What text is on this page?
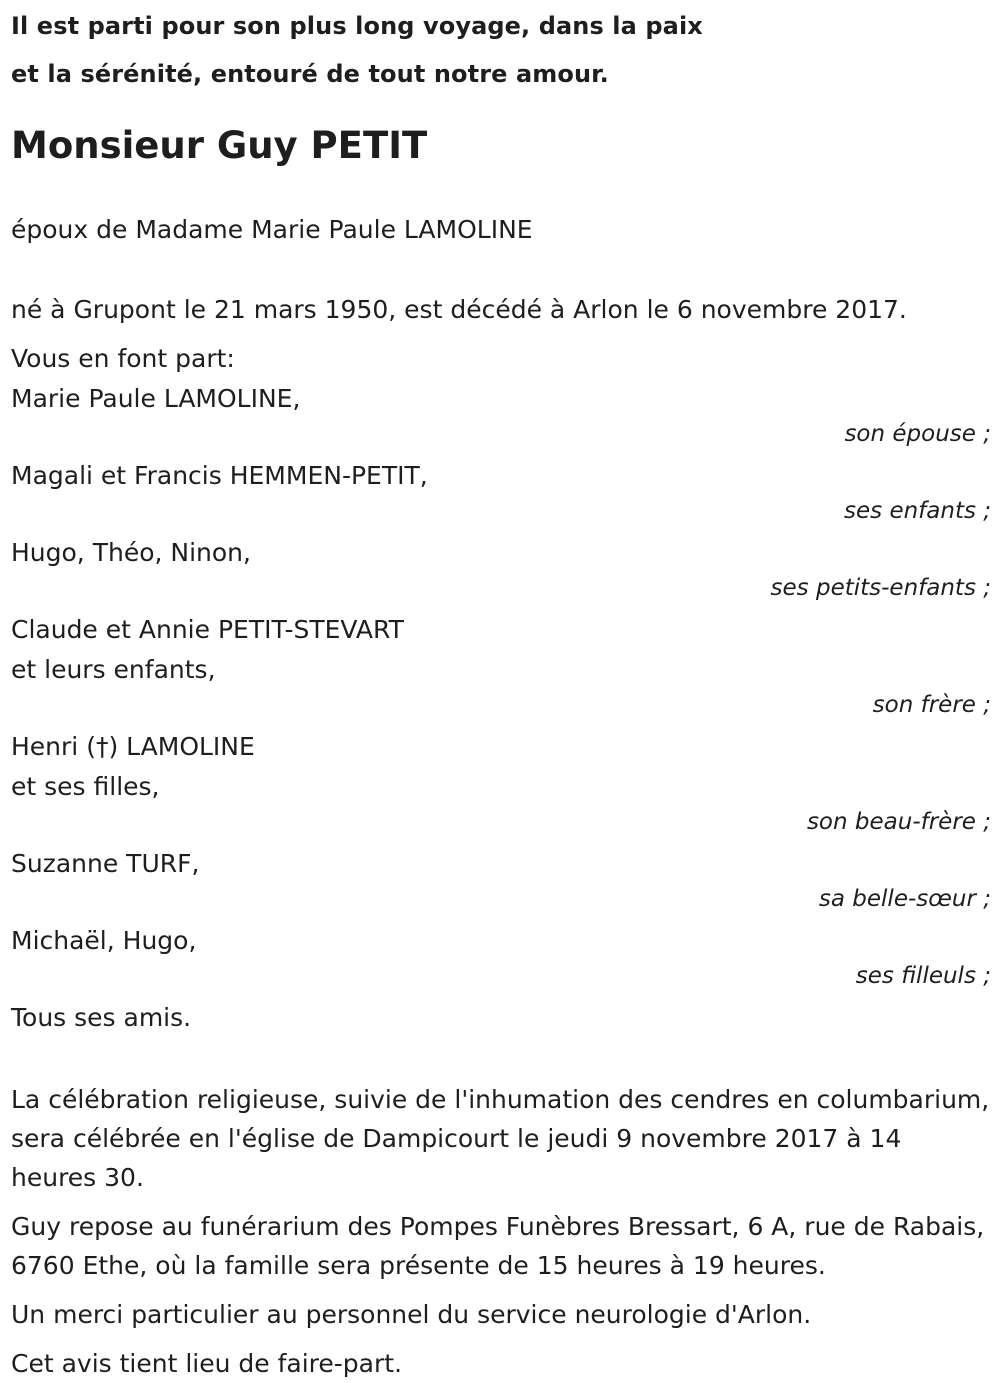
Il est parti pour son plus long voyage, dans la paix
et la sérénité, entouré de tout notre amour.
Monsieur Guy PETIT
époux de Madame Marie Paule LAMOLINE
né à Grupont le 21 mars 1950, est décédé à Arlon le 6 novembre 2017.
Vous en font part:
Marie Paule LAMOLINE,
son épouse ;
Magali et Francis HEMMEN-PETIT,
ses enfants ;
Hugo, Théo, Ninon,
ses petits-enfants ;
Claude et Annie PETIT-STEVART
et leurs enfants,
son frère ;
Henri (†) LAMOLINE
et ses filles,
son beau-frère ;
Suzanne TURF,
sa belle-sœur ;
Michaël, Hugo,
ses filleuls ;
Tous ses amis.
La célébration religieuse, suivie de l'inhumation des cendres en columbarium, sera célébrée en l'église de Dampicourt le jeudi 9 novembre 2017 à 14 heures 30.
Guy repose au funérarium des Pompes Funèbres Bressart, 6 A, rue de Rabais, 6760 Ethe, où la famille sera présente de 15 heures à 19 heures.
Un merci particulier au personnel du service neurologie d'Arlon.
Cet avis tient lieu de faire-part.
